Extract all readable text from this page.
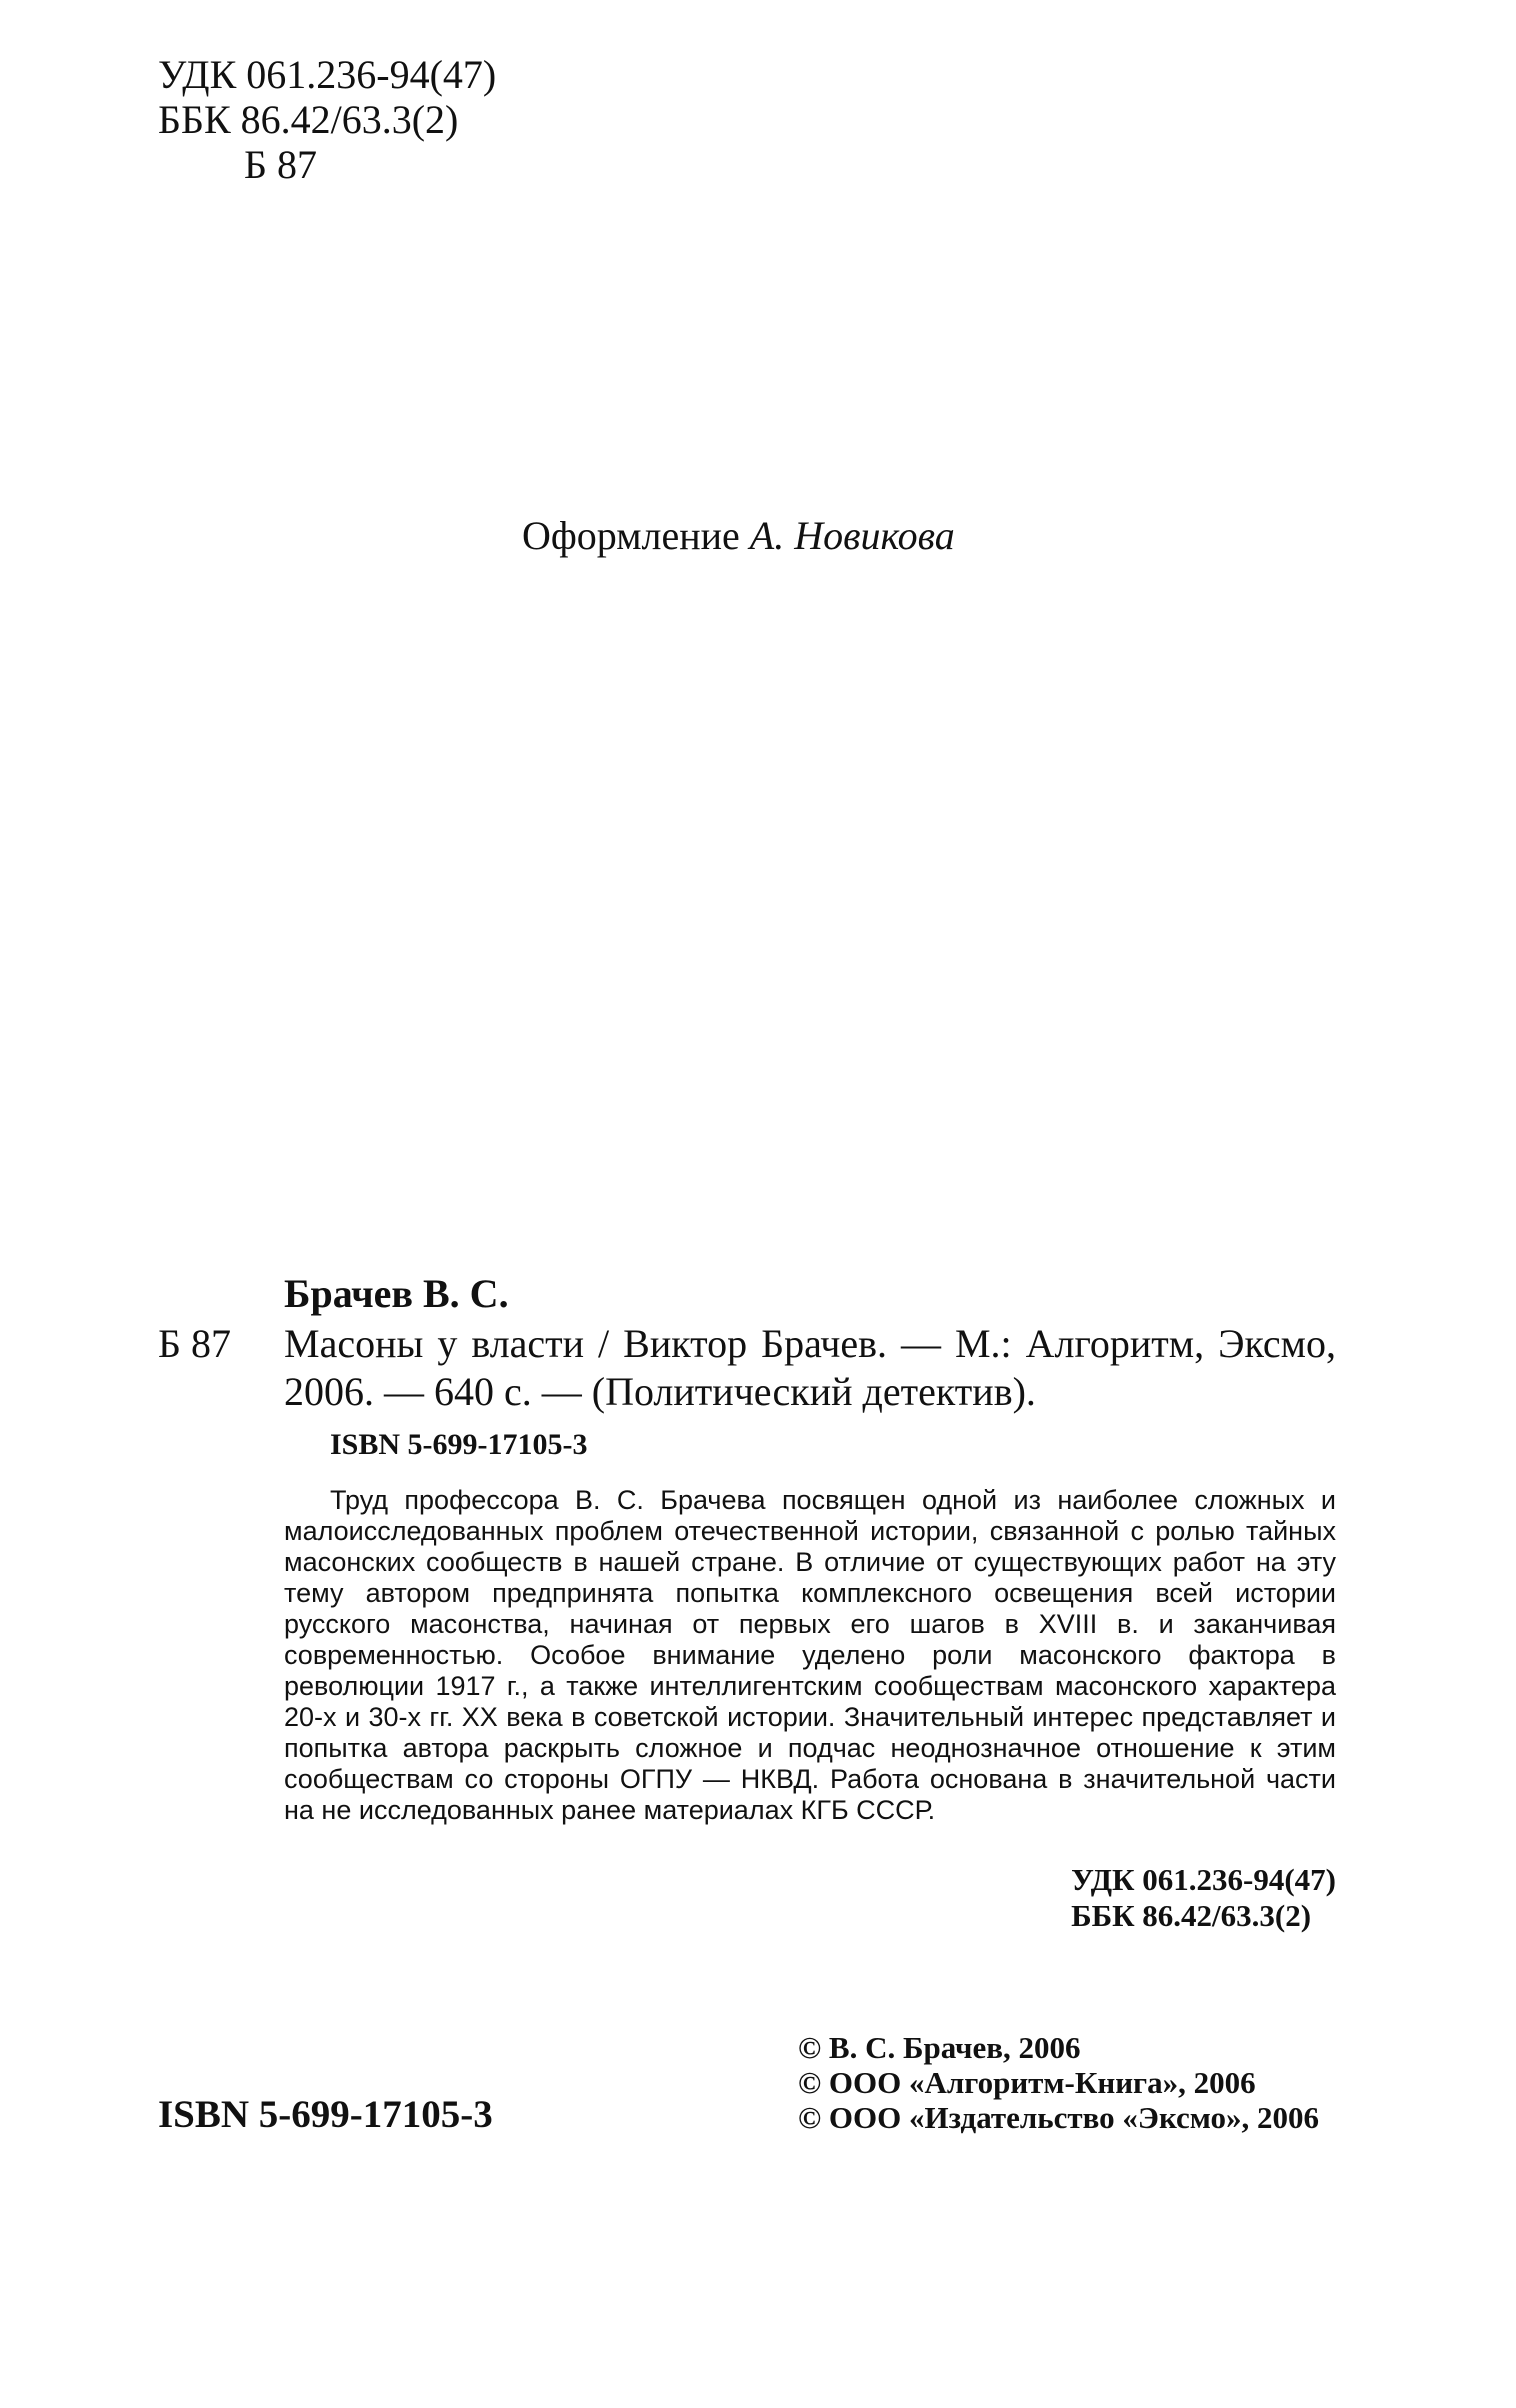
УДК 061.236-94(47)
ББК 86.42/63.3(2)
Б 87
Оформление А. Новикова
Б 87
Брачев В. С.
Масоны у власти / Виктор Брачев. — М.: Алгоритм, Эксмо, 2006. — 640 с. — (Политический детектив).
ISBN 5-699-17105-3
Труд профессора В. С. Брачева посвящен одной из наиболее сложных и малоисследованных проблем отечественной истории, связанной с ролью тайных масонских сообществ в нашей стране. В отличие от существующих работ на эту тему автором предпринята попытка комплексного освещения всей истории русского масонства, начиная от первых его шагов в XVIII в. и заканчивая современностью. Особое внимание уделено роли масонского фактора в революции 1917 г., а также интеллигентским сообществам масонского характера 20-х и 30-х гг. XX века в советской истории. Значительный интерес представляет и попытка автора раскрыть сложное и подчас неоднозначное отношение к этим сообществам со стороны ОГПУ — НКВД. Работа основана в значительной части на не исследованных ранее материалах КГБ СССР.
УДК 061.236-94(47)
ББК 86.42/63.3(2)
ISBN 5-699-17105-3
© В. С. Брачев, 2006
© ООО «Алгоритм-Книга», 2006
© ООО «Издательство «Эксмо», 2006
